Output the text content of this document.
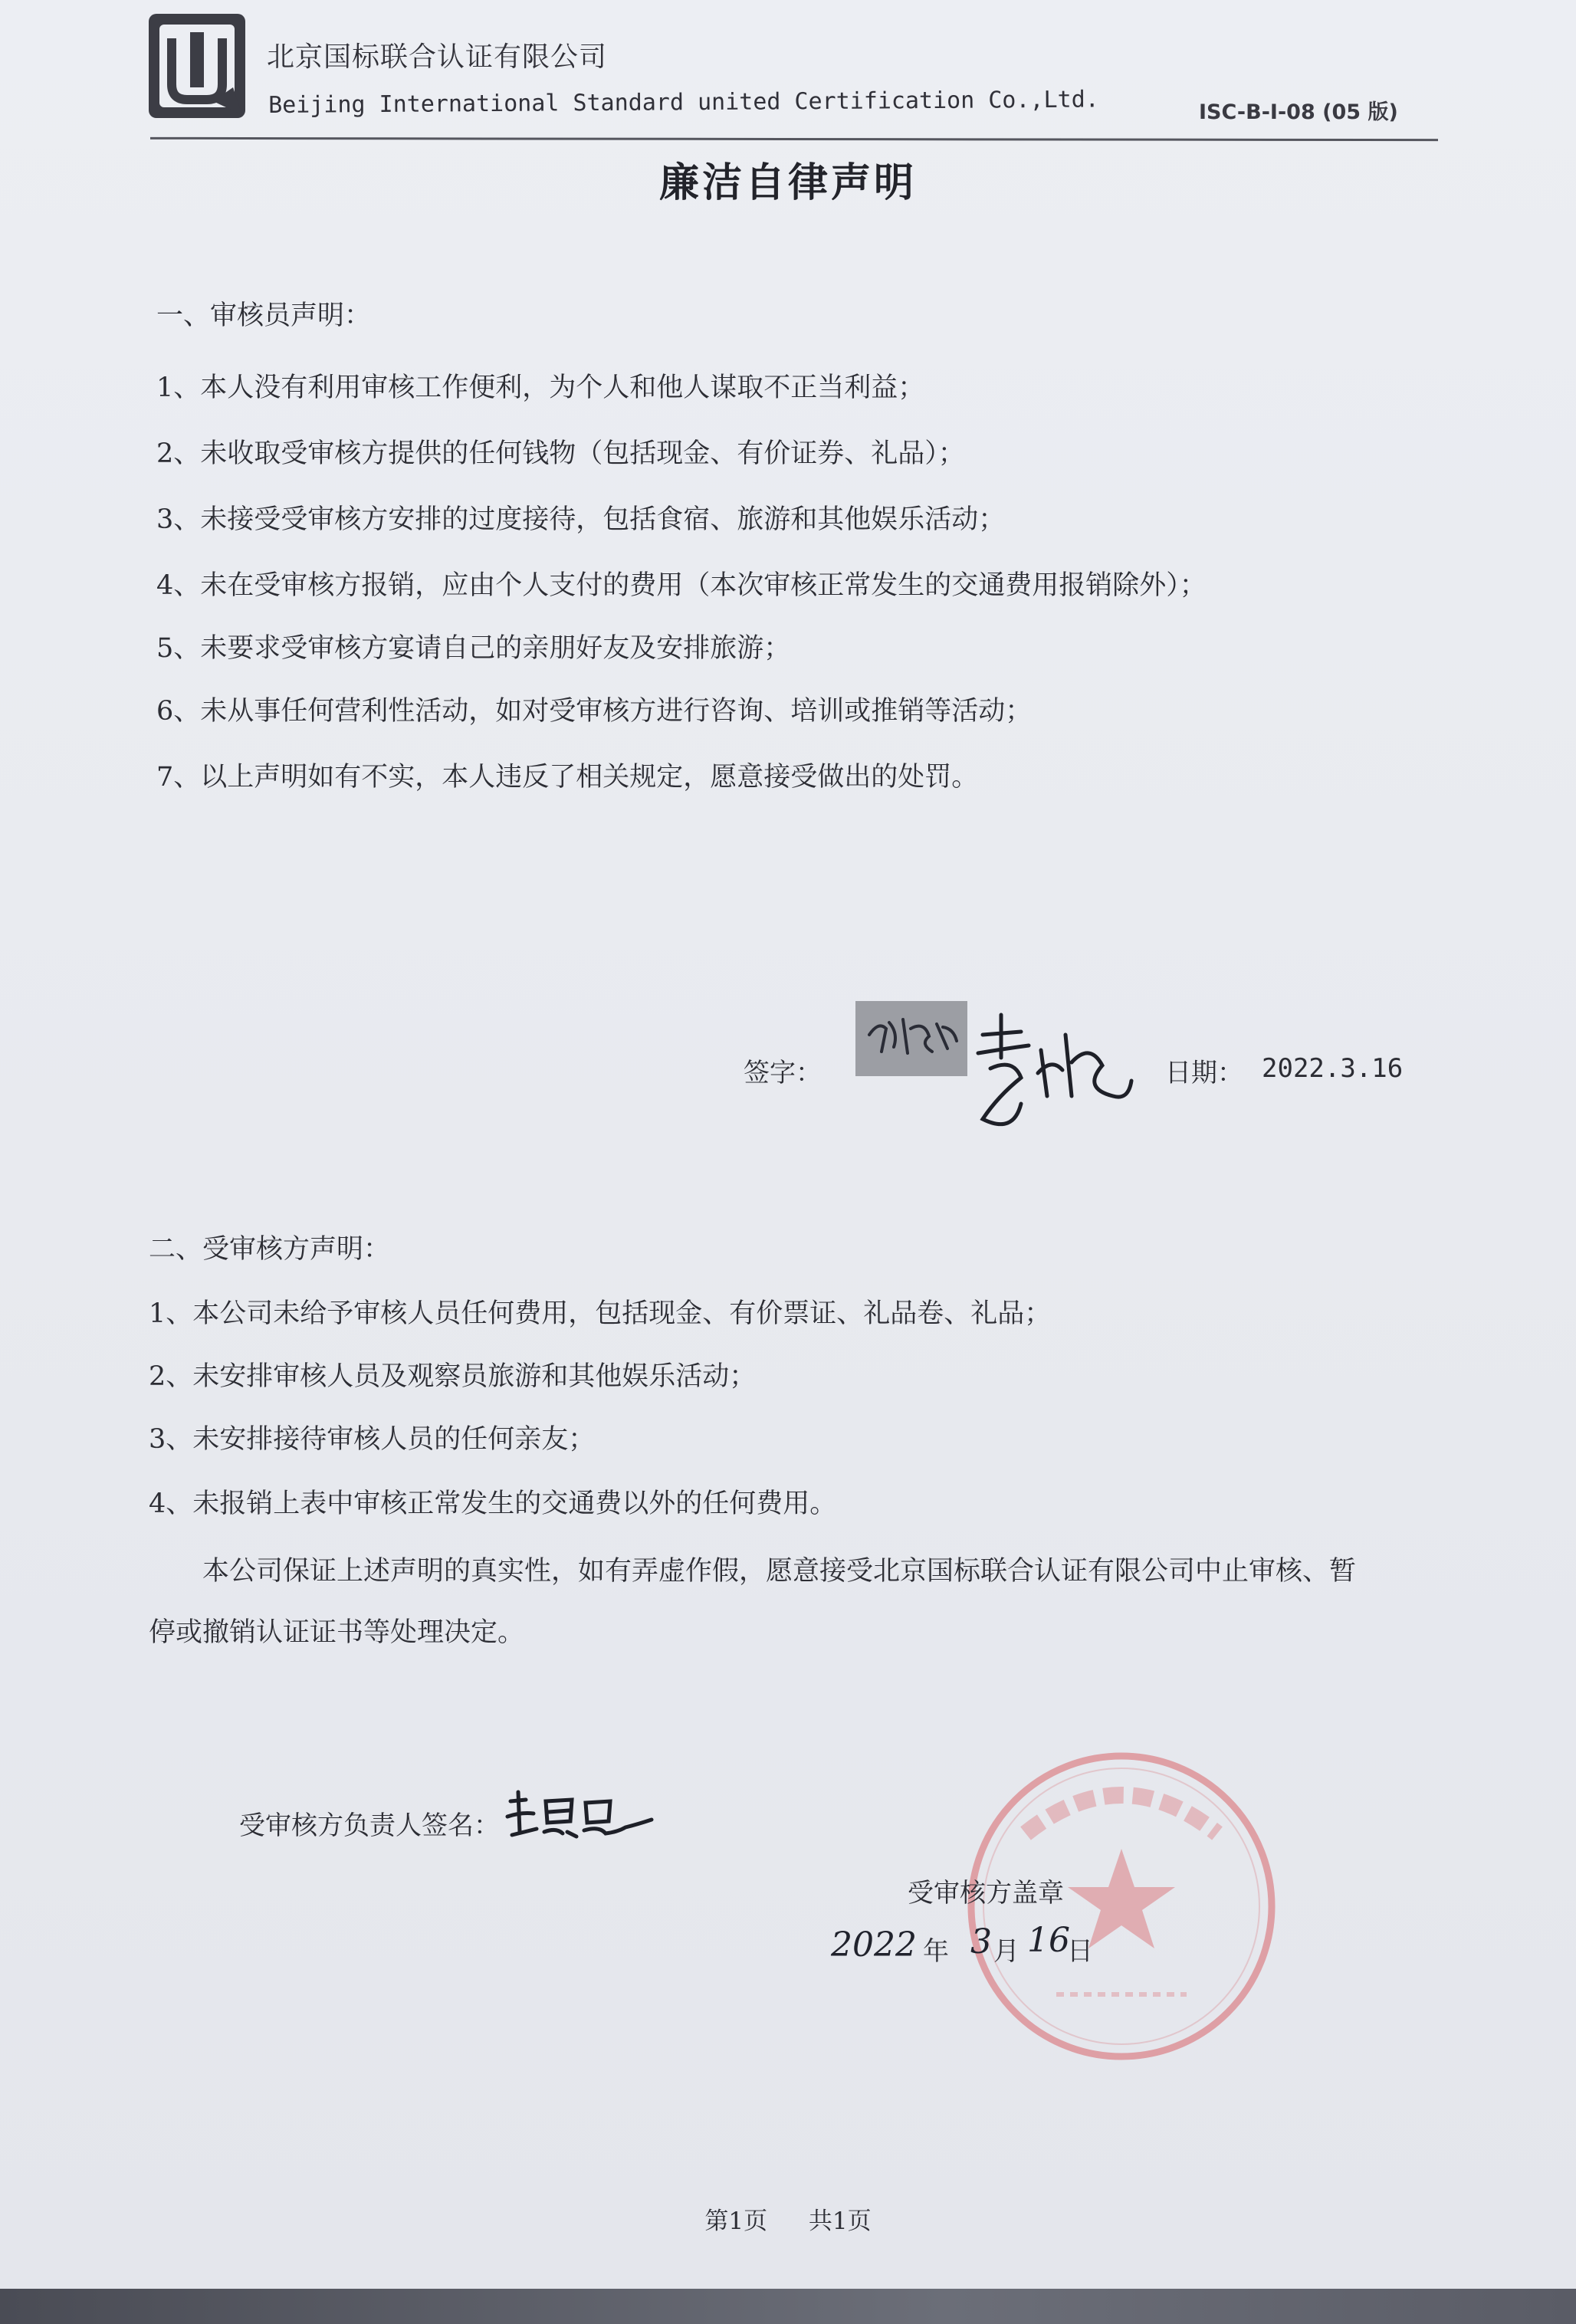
北京国标联合认证有限公司
Beijing International Standard united Certification Co.,Ltd.	ISC-B-I-08 (05 版)
廉洁自律声明
一、审核员声明：
1、本人没有利用审核工作便利，为个人和他人谋取不正当利益；
2、未收取受审核方提供的任何钱物（包括现金、有价证券、礼品）；
3、未接受受审核方安排的过度接待，包括食宿、旅游和其他娱乐活动；
4、未在受审核方报销，应由个人支付的费用（本次审核正常发生的交通费用报销除外）；
5、未要求受审核方宴请自己的亲朋好友及安排旅游；
6、未从事任何营利性活动，如对受审核方进行咨询、培训或推销等活动；
7、以上声明如有不实，本人违反了相关规定，愿意接受做出的处罚。
签字：	日期： 2022.3.16
二、受审核方声明：
1、本公司未给予审核人员任何费用，包括现金、有价票证、礼品卷、礼品；
2、未安排审核人员及观察员旅游和其他娱乐活动；
3、未安排接待审核人员的任何亲友；
4、未报销上表中审核正常发生的交通费以外的任何费用。
本公司保证上述声明的真实性，如有弄虚作假，愿意接受北京国标联合认证有限公司中止审核、暂
停或撤销认证证书等处理决定。
受审核方负责人签名：
受审核方盖章
2022 年 3 月 16
日
第1页 共1页
